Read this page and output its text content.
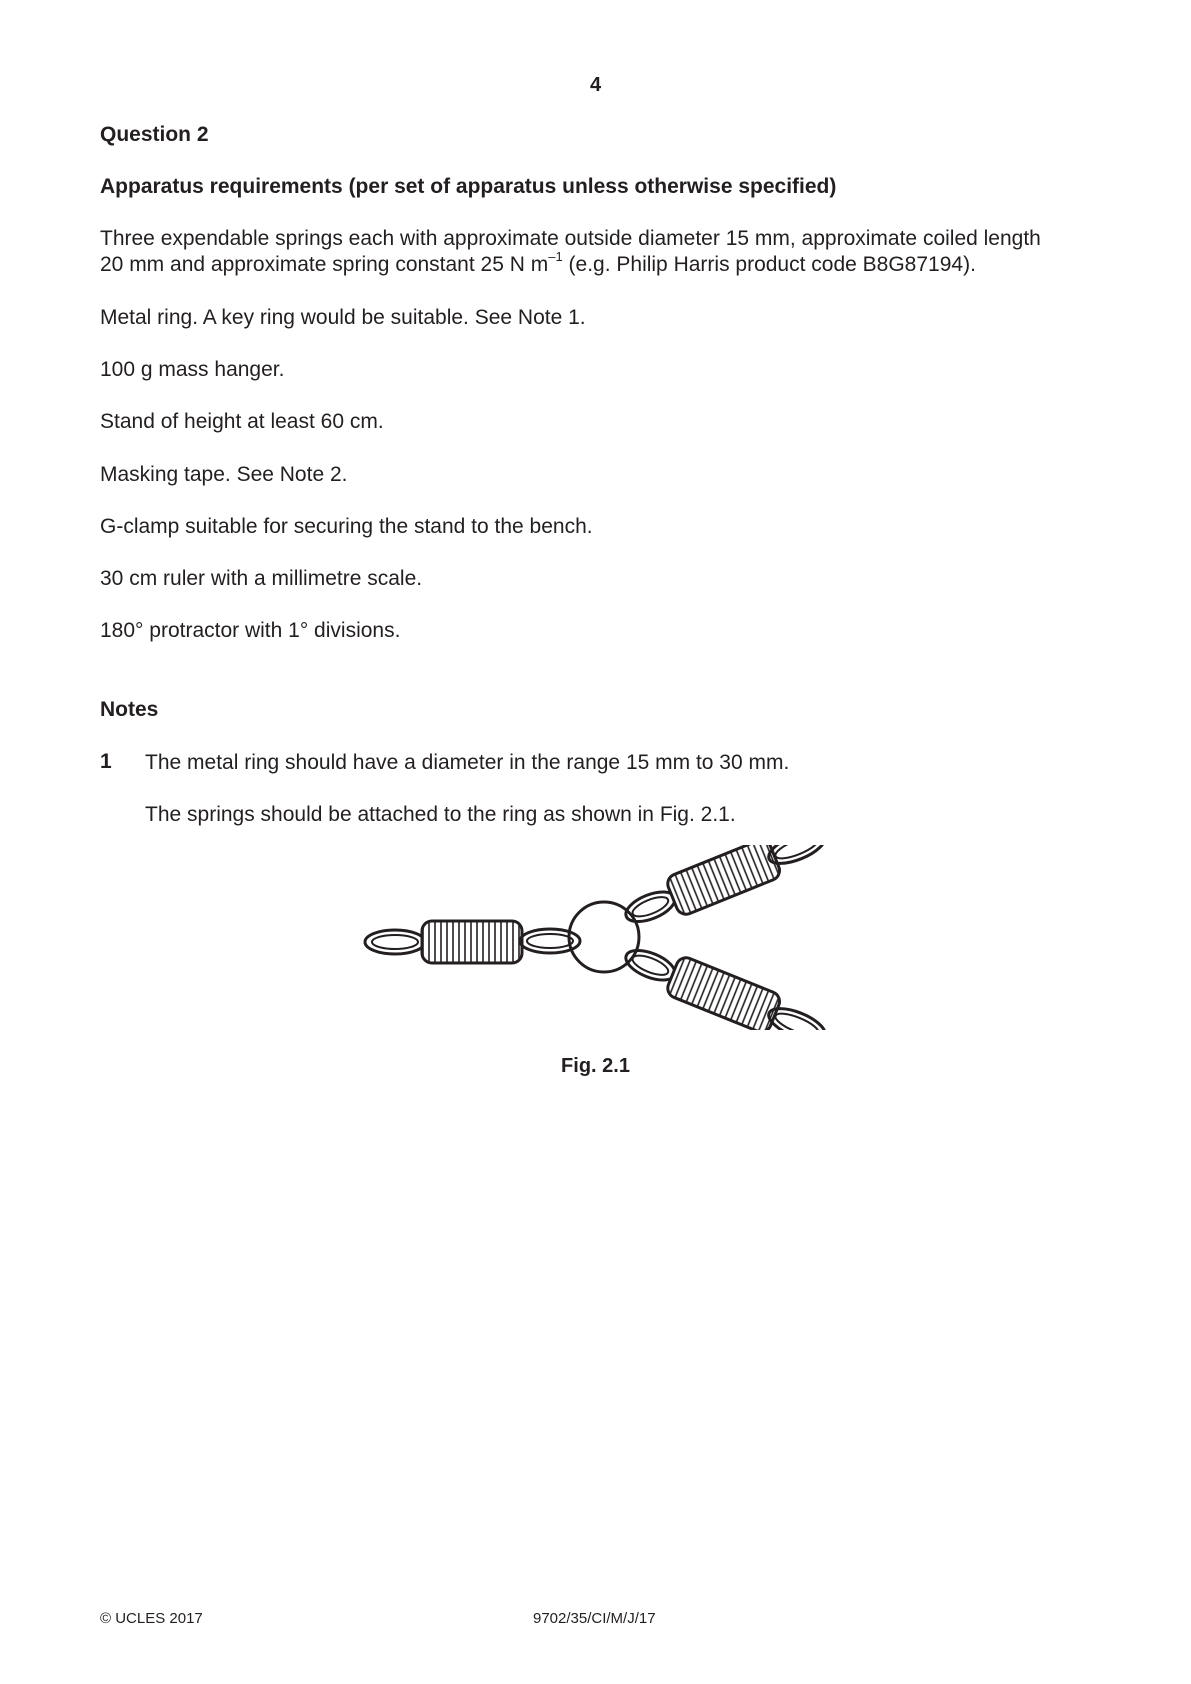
4
Question 2
Apparatus requirements (per set of apparatus unless otherwise specified)
Three expendable springs each with approximate outside diameter 15 mm, approximate coiled length
20 mm and approximate spring constant 25 N $m^{-1}$ (e.g. Philip Harris product code B8G87194).
Metal ring. A key ring would be suitable. See Note 1.
100 g mass hanger.
Stand of height at least 60 cm.
Masking tape. See Note 2.
G-clamp suitable for securing the stand to the bench.
30 cm ruler with a millimetre scale.
180° protractor with 1° divisions.
Notes
1 The metal ring should have a diameter in the range 15 mm to 30 mm.
The springs should be attached to the ring as shown in Fig. 2.1.
Fig. 2.1
© UCLES 2017	9702/35/CI/M/J/17
